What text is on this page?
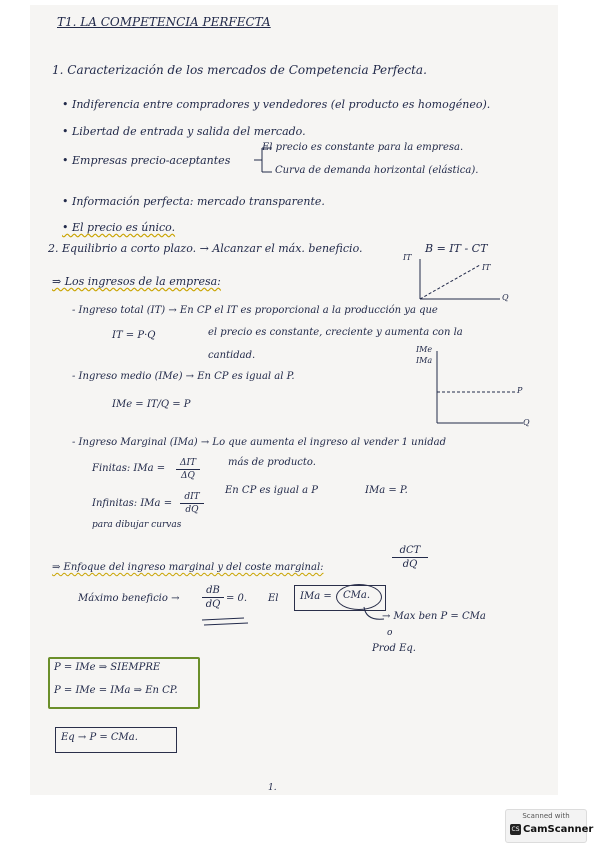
T1. LA COMPETENCIA PERFECTA
1. Caracterización de los mercados de Competencia Perfecta.
• Indiferencia entre compradores y vendedores (el producto es homogéneo).
• Libertad de entrada y salida del mercado.
• Empresas precio-aceptantes
El precio es constante para la empresa.
Curva de demanda horizontal (elástica).
• Información perfecta: mercado transparente.
• El precio es único.
2. Equilibrio a corto plazo. → Alcanzar el máx. beneficio.	B = IT - CT
IT
IT
Q
⇒ Los ingresos de la empresa:
- Ingreso total (IT) → En CP el IT es proporcional a la producción ya que
IT = P·Q	el precio es constante, creciente y aumenta con la
cantidad.
IMe
IMa
P
Q
- Ingreso medio (IMe) → En CP es igual al P.
IMe = IT/Q = P
- Ingreso Marginal (IMa) → Lo que aumenta el ingreso al vender 1 unidad
más de producto.
Finitas: IMa =	ΔIT
ΔQ
Infinitas: IMa =
dIT
dQ
para dibujar curvas
En CP es igual a P	IMa = P.
⇒ Enfoque del ingreso marginal y del coste marginal:
dCT
dQ
Máximo beneficio →
dB
dQ
= 0. El IMa = CMa.
→ Max ben P = CMa
o
Prod Eq.
P = IMe ⇒ SIEMPRE
P = IMe = IMa ⇒ En CP.
Eq → P = CMa.
1.
Scanned with
CS CamScanner
